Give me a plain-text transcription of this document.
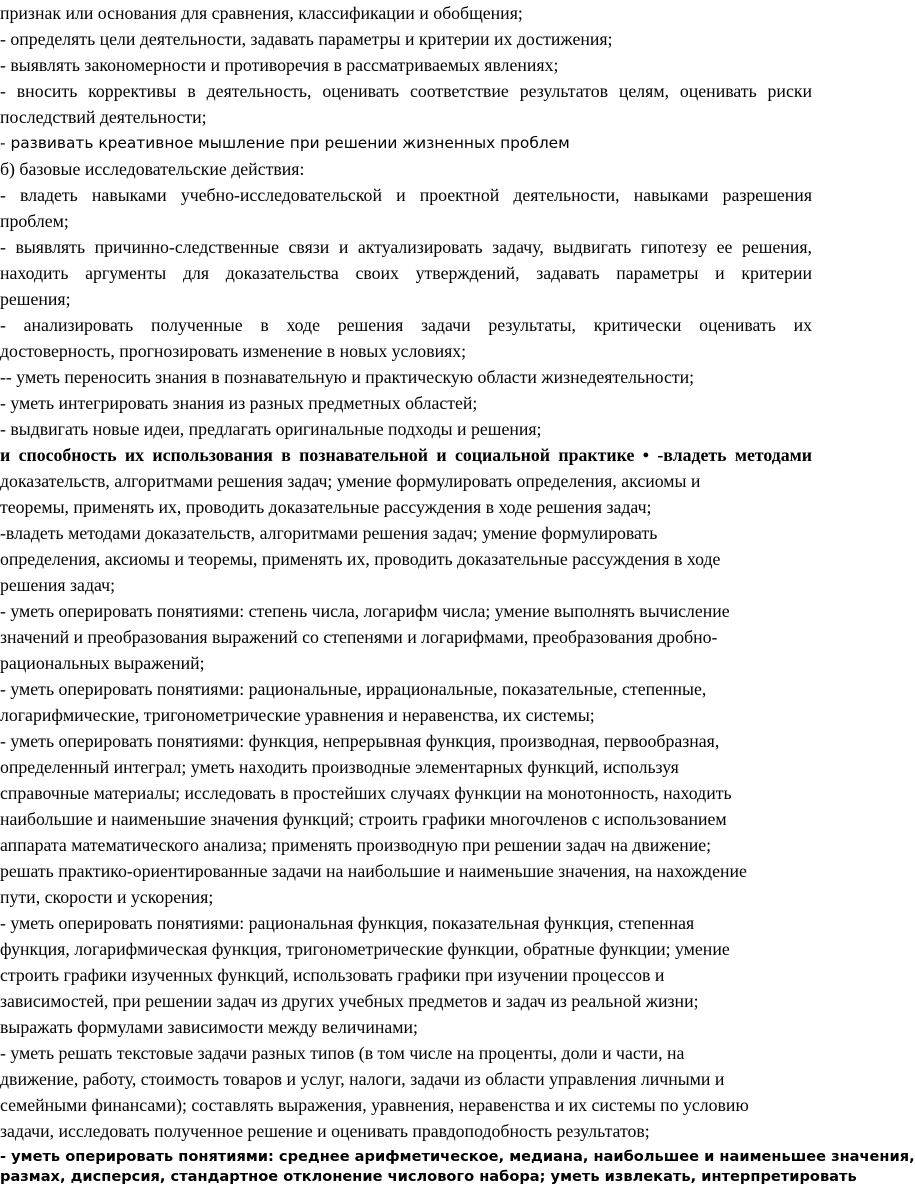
признак или основания для сравнения, классификации и обобщения;
- определять цели деятельности, задавать параметры и критерии их достижения;
- выявлять закономерности и противоречия в рассматриваемых явлениях;
- вносить коррективы в деятельность, оценивать соответствие результатов целям, оценивать риски
последствий деятельности;
- развивать креативное мышление при решении жизненных проблем
б) базовые исследовательские действия:
- владеть навыками учебно-исследовательской и проектной деятельности, навыками разрешения
проблем;
- выявлять причинно-следственные связи и актуализировать задачу, выдвигать гипотезу ее решения,
находить аргументы для доказательства своих утверждений, задавать параметры и критерии
решения;
- анализировать полученные в ходе решения задачи результаты, критически оценивать их
достоверность, прогнозировать изменение в новых условиях;
-- уметь переносить знания в познавательную и практическую области жизнедеятельности;
- уметь интегрировать знания из разных предметных областей;
- выдвигать новые идеи, предлагать оригинальные подходы и решения;
и способность их использования в познавательной и социальной практике • -владеть методами
доказательств, алгоритмами решения задач; умение формулировать определения, аксиомы и
теоремы, применять их, проводить доказательные рассуждения в ходе решения задач;
-владеть методами доказательств, алгоритмами решения задач; умение формулировать
определения, аксиомы и теоремы, применять их, проводить доказательные рассуждения в ходе
решения задач;
- уметь оперировать понятиями: степень числа, логарифм числа; умение выполнять вычисление
значений и преобразования выражений со степенями и логарифмами, преобразования дробно-
рациональных выражений;
- уметь оперировать понятиями: рациональные, иррациональные, показательные, степенные,
логарифмические, тригонометрические уравнения и неравенства, их системы;
- уметь оперировать понятиями: функция, непрерывная функция, производная, первообразная,
определенный интеграл; уметь находить производные элементарных функций, используя
справочные материалы; исследовать в простейших случаях функции на монотонность, находить
наибольшие и наименьшие значения функций; строить графики многочленов с использованием
аппарата математического анализа; применять производную при решении задач на движение;
решать практико-ориентированные задачи на наибольшие и наименьшие значения, на нахождение
пути, скорости и ускорения;
- уметь оперировать понятиями: рациональная функция, показательная функция, степенная
функция, логарифмическая функция, тригонометрические функции, обратные функции; умение
строить графики изученных функций, использовать графики при изучении процессов и
зависимостей, при решении задач из других учебных предметов и задач из реальной жизни;
выражать формулами зависимости между величинами;
- уметь решать текстовые задачи разных типов (в том числе на проценты, доли и части, на
движение, работу, стоимость товаров и услуг, налоги, задачи из области управления личными и
семейными финансами); составлять выражения, уравнения, неравенства и их системы по условию
задачи, исследовать полученное решение и оценивать правдоподобность результатов;
- уметь оперировать понятиями: среднее арифметическое, медиана, наибольшее и наименьшее значения,
размах, дисперсия, стандартное отклонение числового набора; уметь извлекать, интерпретировать
